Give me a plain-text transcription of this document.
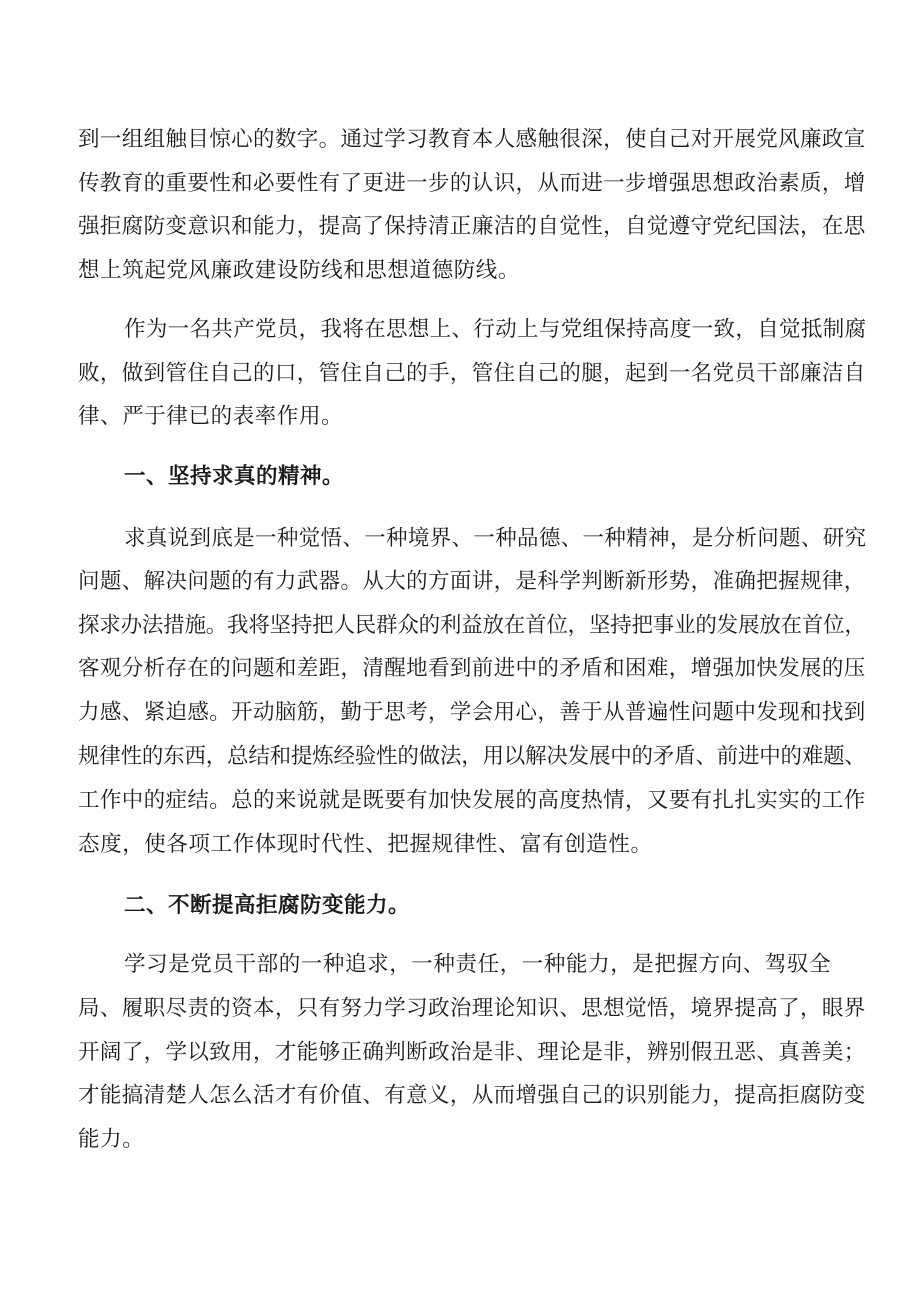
到一组组触目惊心的数字。通过学习教育本人感触很深，使自己对开展党风廉政宣
传教育的重要性和必要性有了更进一步的认识，从而进一步增强思想政治素质，增
强拒腐防变意识和能力，提高了保持清正廉洁的自觉性，自觉遵守党纪国法，在思
想上筑起党风廉政建设防线和思想道德防线。
作为一名共产党员，我将在思想上、行动上与党组保持高度一致，自觉抵制腐
败，做到管住自己的口，管住自己的手，管住自己的腿，起到一名党员干部廉洁自
律、严于律已的表率作用。
一、坚持求真的精神。
求真说到底是一种觉悟、一种境界、一种品德、一种精神，是分析问题、研究
问题、解决问题的有力武器。从大的方面讲，是科学判断新形势，准确把握规律，
探求办法措施。我将坚持把人民群众的利益放在首位，坚持把事业的发展放在首位，
客观分析存在的问题和差距，清醒地看到前进中的矛盾和困难，增强加快发展的压
力感、紧迫感。开动脑筋，勤于思考，学会用心，善于从普遍性问题中发现和找到
规律性的东西，总结和提炼经验性的做法，用以解决发展中的矛盾、前进中的难题、
工作中的症结。总的来说就是既要有加快发展的高度热情，又要有扎扎实实的工作
态度，使各项工作体现时代性、把握规律性、富有创造性。
二、不断提高拒腐防变能力。
学习是党员干部的一种追求，一种责任，一种能力，是把握方向、驾驭全
局、履职尽责的资本，只有努力学习政治理论知识、思想觉悟，境界提高了，眼界
开阔了，学以致用，才能够正确判断政治是非、理论是非，辨别假丑恶、真善美；
才能搞清楚人怎么活才有价值、有意义，从而增强自己的识别能力，提高拒腐防变
能力。
